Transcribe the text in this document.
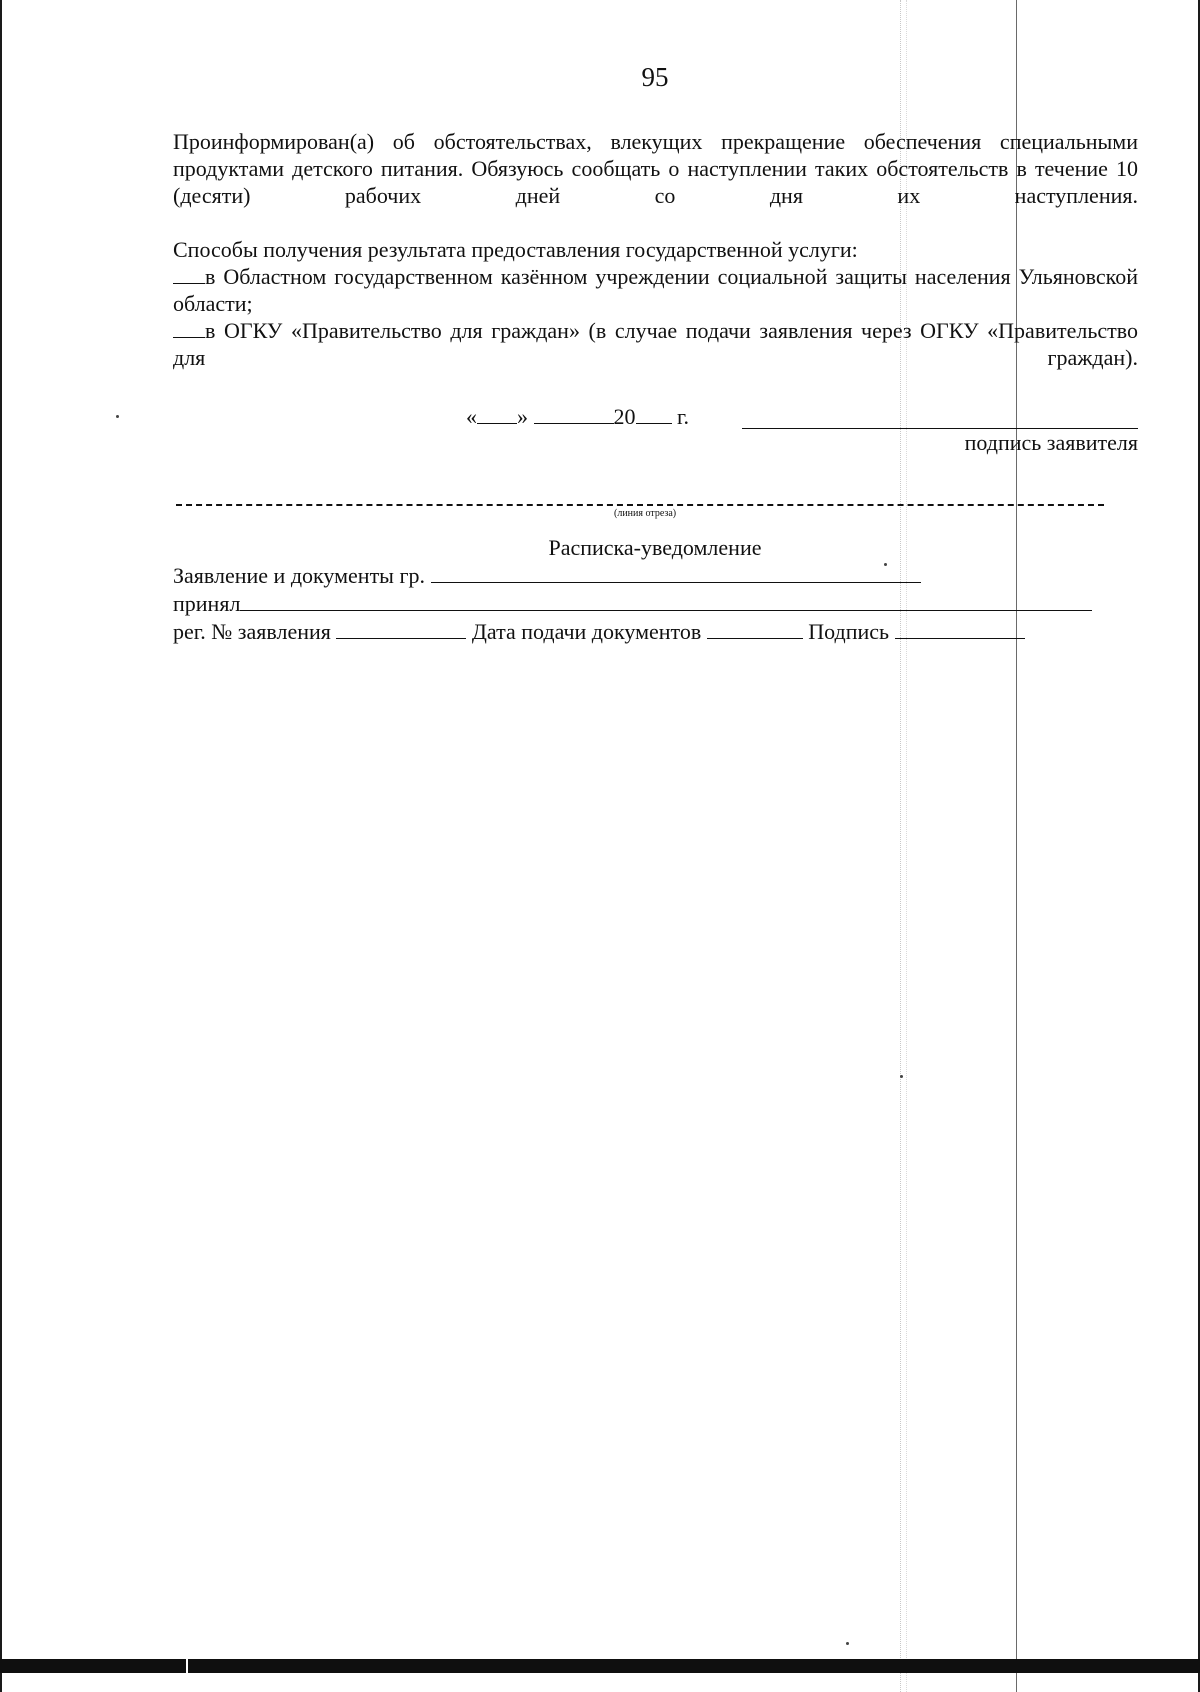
95
Проинформирован(а) об обстоятельствах, влекущих прекращение обеспечения специальными продуктами детского питания. Обязуюсь сообщать о наступлении таких обстоятельств в течение 10 (десяти) рабочих дней со дня их наступления.
Способы получения результата предоставления государственной услуги:
в Областном государственном казённом учреждении социальной защиты населения Ульяновской области;
в ОГКУ «Правительство для граждан» (в случае подачи заявления через ОГКУ «Правительство для граждан).
« »	20 г.
подпись заявителя
(линия отреза)
Расписка-уведомление
Заявление и документы гр.
принял
рег. № заявления	Дата подачи документов	Подпись
